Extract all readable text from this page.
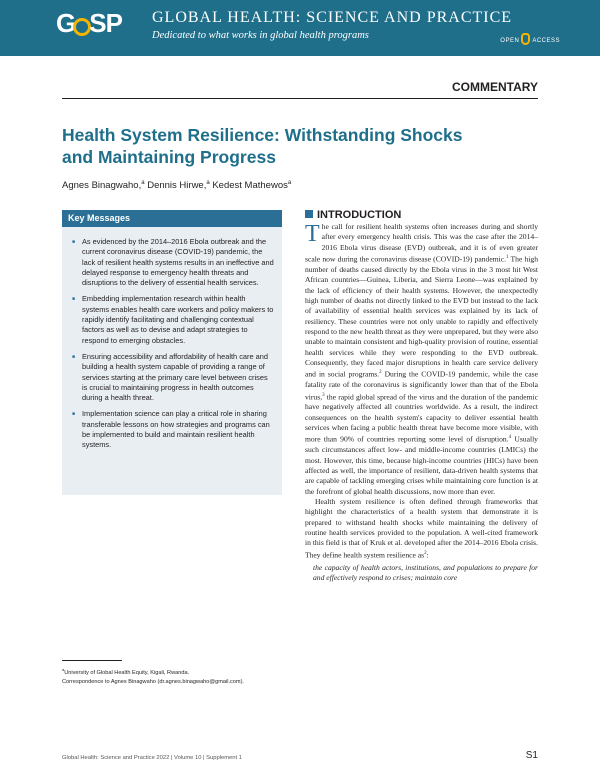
G SP GLOBAL HEALTH: SCIENCE AND PRACTICE
Dedicated to what works in global health programs	OPEN ACCESS
COMMENTARY
Health System Resilience: Withstanding Shocks and Maintaining Progress
Agnes Binagwaho,$^a$ Dennis Hirwe,$^a$ Kedest Mathewos$^a$
Key Messages
■ As evidenced by the 2014–2016 Ebola outbreak and the current coronavirus disease (COVID-19) pandemic, the lack of resilient health systems results in an ineffective and delayed response to emergency health threats and disruptions to the delivery of essential health services.
■ Embedding implementation research within health systems enables health care workers and policy makers to rapidly identify facilitating and challenging contextual factors as well as to devise and adapt strategies to respond to emerging obstacles.
■ Ensuring accessibility and affordability of health care and building a health system capable of providing a range of services starting at the primary care level between crises is crucial to maintaining progress in health outcomes during a health threat.
■ Implementation science can play a critical role in sharing transferable lessons on how strategies and programs can be implemented to build and maintain resilient health systems.
INTRODUCTION

The call for resilient health systems often increases during and shortly after every emergency health crisis. This was the case after the 2014–2016 Ebola virus disease (EVD) outbreak, and it is of even greater scale now during the coronavirus disease (COVID-19) pandemic.$^1$ The high number of deaths caused directly by the Ebola virus in the 3 most hit West African countries—Guinea, Liberia, and Sierra Leone—was explained by the lack of efficiency of their health systems. However, the unexpectedly high number of deaths not directly linked to the EVD but instead to the lack of availability of essential health services was explained by its lack of resiliency. These countries were not only unable to rapidly and effectively respond to the new health threat as they were unprepared, but they were also unable to maintain consistent and high-quality provision of routine, essential health services while they were responding to the EVD outbreak. Consequently, they faced major disruptions in health care service delivery and in social programs.$^2$ During the COVID-19 pandemic, while the case fatality rate of the coronavirus is significantly lower than that of the Ebola virus,$^3$ the rapid global spread of the virus and the duration of the pandemic have negatively affected all countries worldwide. As a result, the indirect consequences on the health system's capacity to deliver essential health services when facing a public health threat have become more visible, with more than 90% of countries reporting some level of disruption.$^4$ Usually such circumstances affect low- and middle-income countries (LMICs) the most. However, this time, because high-income countries (HICs) have been affected as well, the importance of resilient, data-driven health systems that are capable of tackling emerging crises while maintaining core function is at the forefront of global health discussions, now more than ever.

Health system resilience is often defined through frameworks that highlight the characteristics of a health system that demonstrate it is prepared to withstand health shocks while maintaining the delivery of routine health services provided to the population. A well-cited framework in this field is that of Kruk et al. developed after the 2014–2016 Ebola crisis. They define health system resilience $as^2$:

the capacity of health actors, institutions, and populations to prepare for and effectively respond to crises; maintain core

$^a$University of Global Health Equity, Kigali, Rwanda.
Correspondence to Agnes Binagwaho (dr.agnes.binagwaho@gmail.com).
Global Health: Science and Practice 2022 | Volume 10 | Supplement 1	S1
